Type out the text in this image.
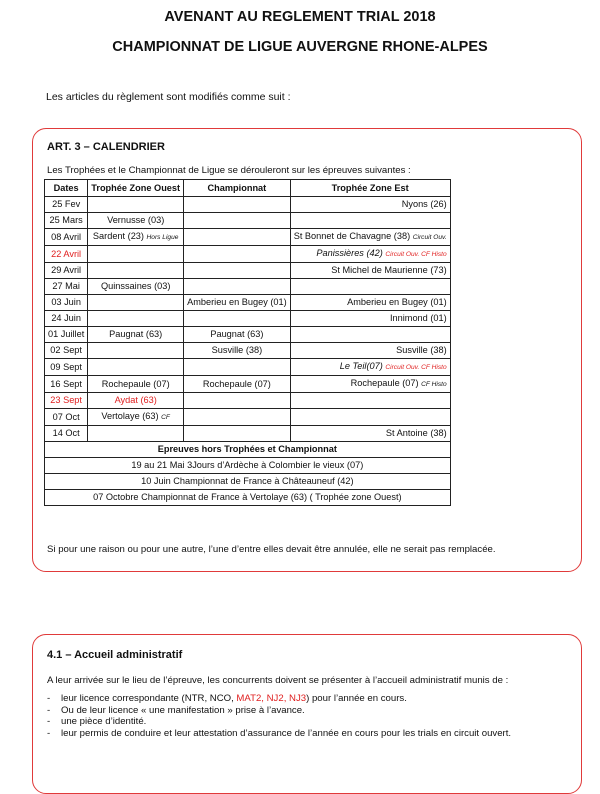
AVENANT AU REGLEMENT TRIAL 2018
CHAMPIONNAT DE LIGUE AUVERGNE RHONE-ALPES
Les articles du règlement sont modifiés comme suit :
ART. 3 – CALENDRIER
Les Trophées et le Championnat de Ligue se dérouleront sur les épreuves suivantes :
Dates	Trophée Zone Ouest	Championnat	Trophée Zone Est
25 Fev			Nyons (26)
25 Mars	Vernusse (03)		
08 Avril	Sardent (23) Hors Ligue		St Bonnet de Chavagne (38) Circuit Ouv.
22 Avril			Panissières (42) Circuit Ouv. CF Histo
29 Avril			St Michel de Maurienne (73)
27 Mai	Quinssaines (03)		
03 Juin		Amberieu en Bugey (01)	Amberieu en Bugey (01)
24 Juin			Innimond (01)
01 Juillet	Paugnat (63)	Paugnat (63)	
02 Sept		Susville (38)	Susville (38)
09 Sept			Le Teil(07) Circuit Ouv. CF Histo
16 Sept	Rochepaule (07)	Rochepaule (07)	Rochepaule (07) CF Histo
23 Sept	Aydat (63)		
07 Oct	Vertolaye (63) CF		
14 Oct			St Antoine (38)
Epreuves hors Trophées et Championnat			
19 au 21 Mai 3Jours d’Ardèche à Colombier le vieux (07)			
10 Juin Championnat de France à Châteauneuf (42)			
07 Octobre Championnat de France à Vertolaye (63) ( Trophée zone Ouest)			
Si pour une raison ou pour une autre, l’une d’entre elles devait être annulée, elle ne serait pas remplacée.
4.1 – Accueil administratif
A leur arrivée sur le lieu de l’épreuve, les concurrents doivent se présenter à l’accueil administratif munis de :
- leur licence correspondante (NTR, NCO, MAT2, NJ2, NJ3) pour l’année en cours.
- Ou de leur licence « une manifestation » prise à l’avance.
- une pièce d’identité.
- leur permis de conduire et leur attestation d’assurance de l’année en cours pour les trials en circuit ouvert.
